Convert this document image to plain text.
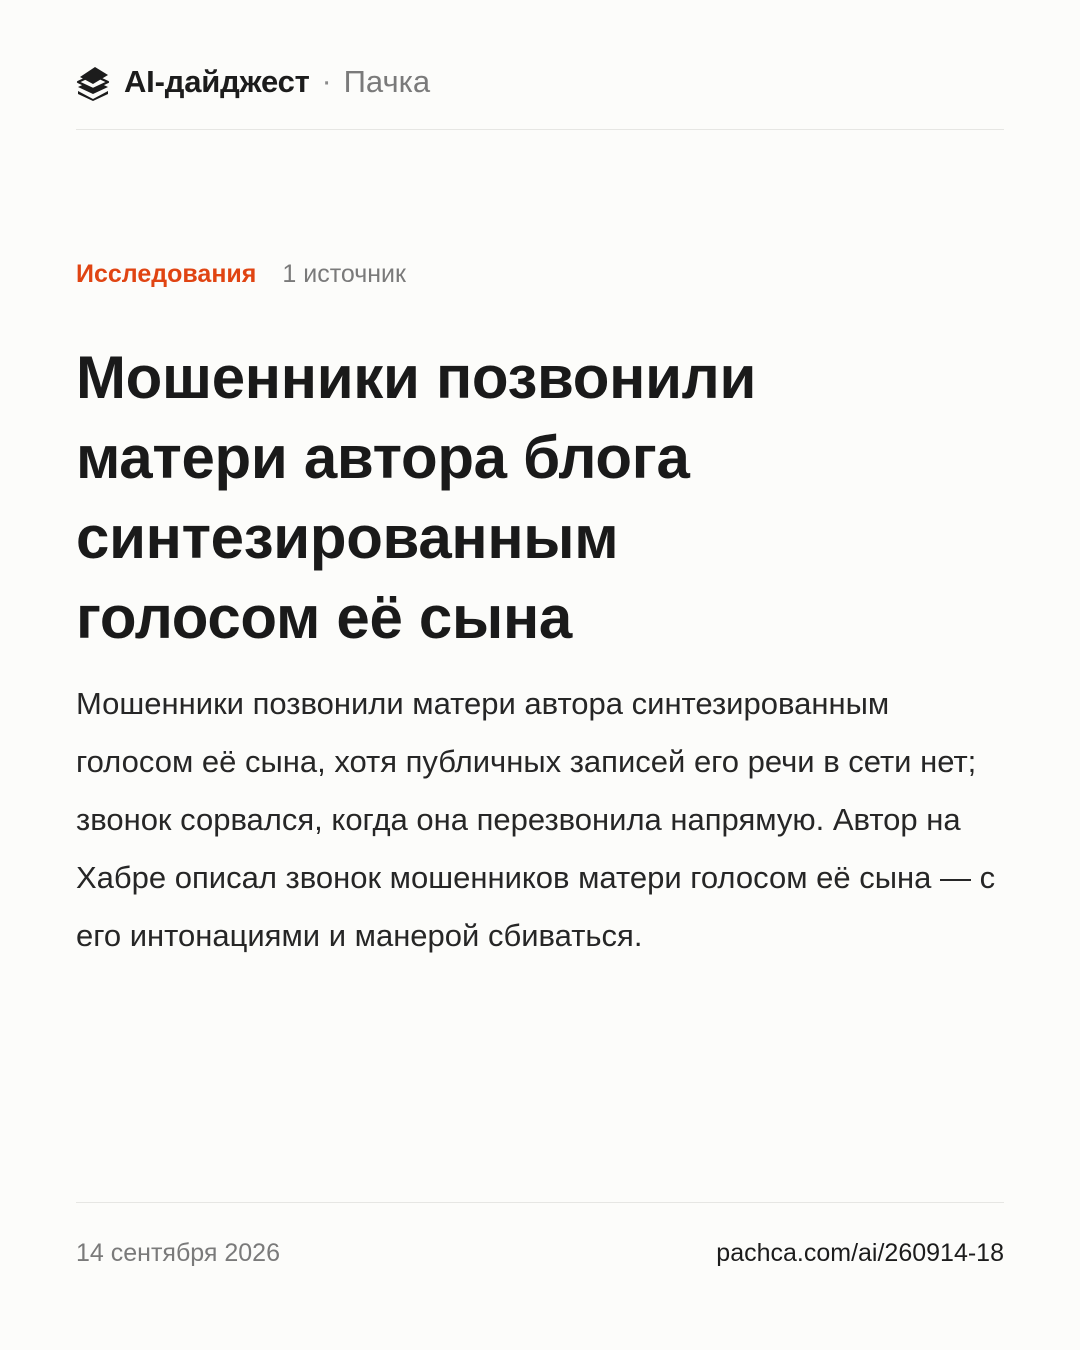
AI-дайджест · Пачка
Исследования 1 источник
Мошенники позвонили матери автора блога синтезированным голосом её сына

Мошенники позвонили матери автора синтезированным голосом её сына, хотя публичных записей его речи в сети нет; звонок сорвался, когда она перезвонила напрямую. Автор на Хабре описал звонок мошенников матери голосом её сына — с его интонациями и манерой сбиваться.

14 сентября 2026	pachca.com/ai/260914-18
